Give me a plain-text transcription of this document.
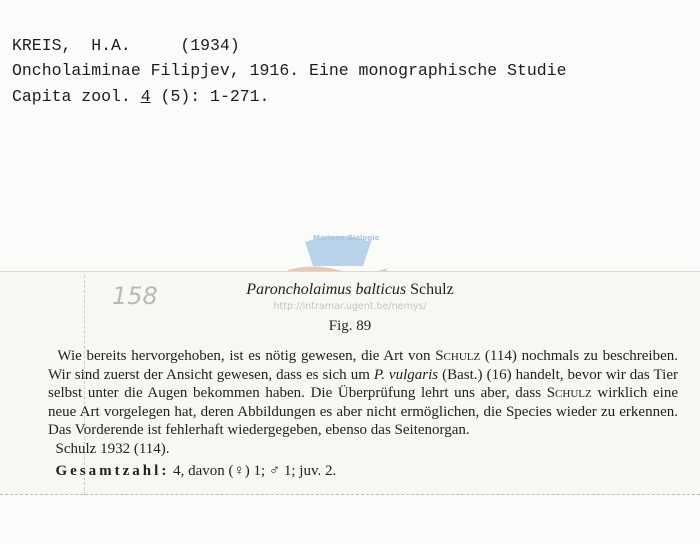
KREIS,  H.A.     (1934)
Oncholaiminae Filipjev, 1916. Eine monographische Studie
Capita zool. 4 (5): 1-271.
Mariene Biologie
158	Paroncholaimus balticus Schulz
http://intramar.ugent.be/nemys/
Fig. 89

Wie bereits hervorgehoben, ist es nötig gewesen, die Art von Schulz (114) nochmals zu beschreiben. Wir sind zuerst der Ansicht gewesen, dass es sich um P. vulgaris (Bast.) (16) handelt, bevor wir das Tier selbst unter die Augen bekommen haben. Die Überprüfung lehrt uns aber, dass Schulz wirklich eine neue Art vorgelegen hat, deren Abbildungen es aber nicht ermöglichen, die Species wieder zu erkennen. Das Vorderende ist fehlerhaft wiedergegeben, ebenso das Seitenorgan.

Schulz 1932 (114).

Gesamtzahl: 4, davon (♀) 1; ♂ 1; juv. 2.
